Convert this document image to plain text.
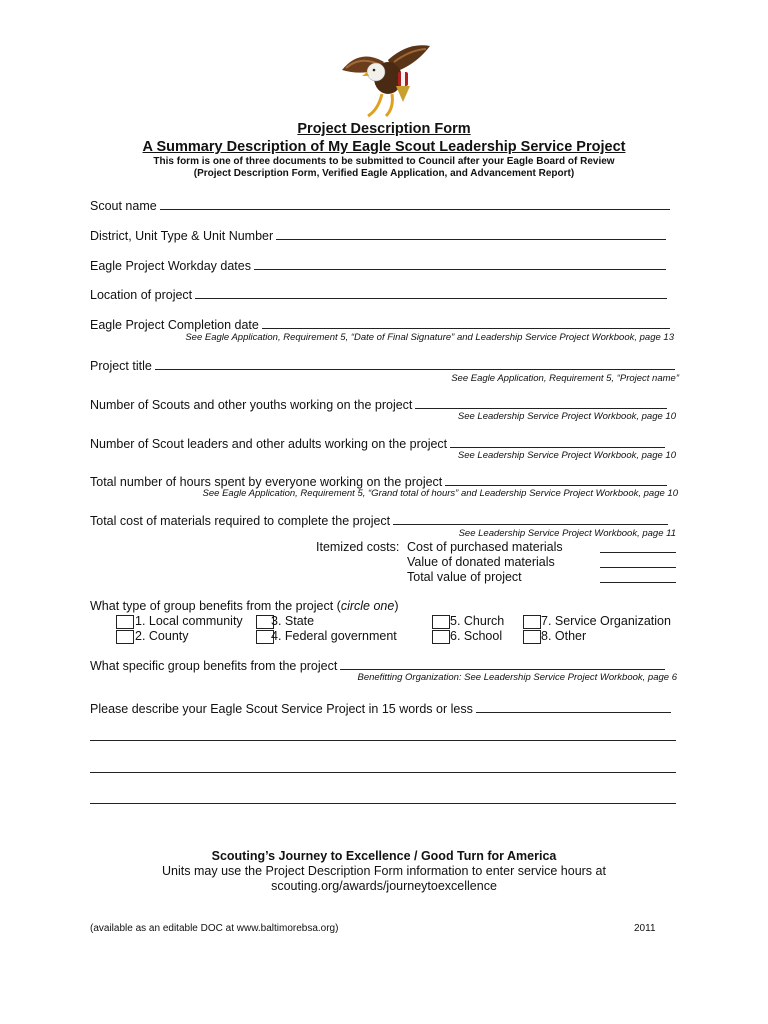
Project Description Form
A Summary Description of My Eagle Scout Leadership Service Project
This form is one of three documents to be submitted to Council after your Eagle Board of Review
(Project Description Form, Verified Eagle Application, and Advancement Report)
Scout name
District, Unit Type & Unit Number
Eagle Project Workday dates
Location of project
Eagle Project Completion date
See Eagle Application, Requirement 5, “Date of Final Signature” and Leadership Service Project Workbook, page 13
Project title
See Eagle Application, Requirement 5, “Project name”
Number of Scouts and other youths working on the project
See Leadership Service Project Workbook, page 10
Number of Scout leaders and other adults working on the project
See Leadership Service Project Workbook, page 10
Total number of hours spent by everyone working on the project
See Eagle Application, Requirement 5, “Grand total of hours” and Leadership Service Project Workbook, page 10
Total cost of materials required to complete the project
See Leadership Service Project Workbook, page 11
Itemized costs: Cost of purchased materials
Value of donated materials
Total value of project
What type of group benefits from the project (circle one)
1. Local community
2. County
3. State
4. Federal government
5. Church
6. School
7. Service Organization
8. Other
What specific group benefits from the project
Benefitting Organization: See Leadership Service Project Workbook, page 6
Please describe your Eagle Scout Service Project in 15 words or less
Scouting’s Journey to Excellence / Good Turn for America
Units may use the Project Description Form information to enter service hours at
scouting.org/awards/journeytoexcellence
(available as an editable DOC at www.baltimorebsa.org)	2011
